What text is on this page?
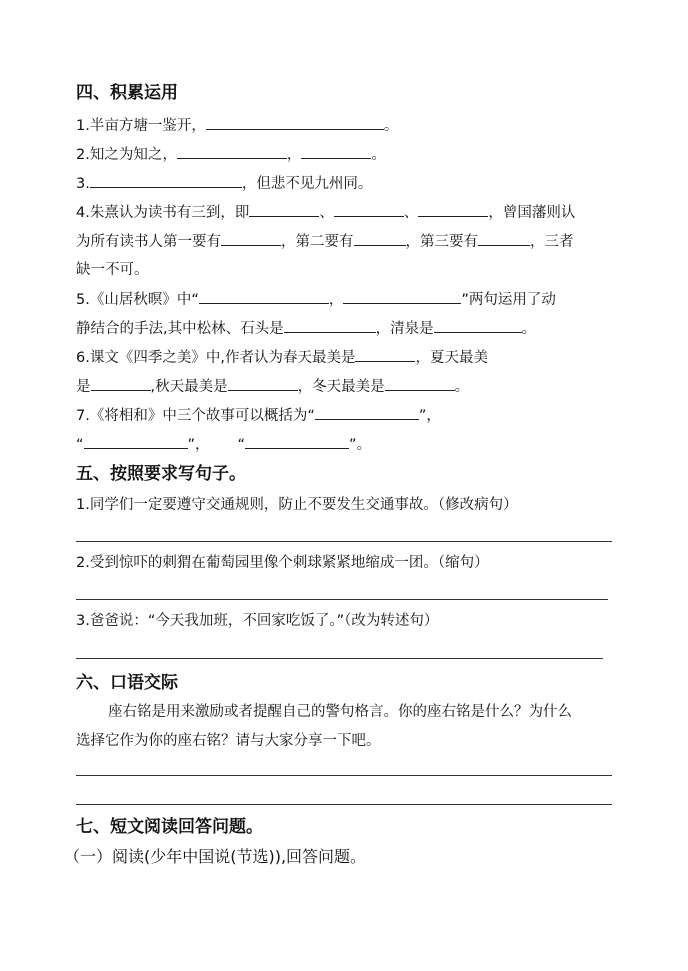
四、积累运用
1.半亩方塘一鉴开，	。
2.知之为知之，	，	。
3.	，但悲不见九州同。
4.朱熹认为读书有三到，即	、	、	，曾国藩则认
为所有读书人第一要有	，第二要有	，第三要有	，三者
缺一不可。
5.《山居秋暝》中“	，	”两句运用了动
静结合的手法,其中松林、石头是	，清泉是	。
6.课文《四季之美》中,作者认为春天最美是	，夏天最美
是	,秋天最美是	，冬天最美是	。
7.《将相和》中三个故事可以概括为“	”，
“	”， “	”。
五、按照要求写句子。
1.同学们一定要遵守交通规则，防止不要发生交通事故。（修改病句）
2.受到惊吓的刺猬在葡萄园里像个刺球紧紧地缩成一团。（缩句）
3.爸爸说：“今天我加班，不回家吃饭了。”（改为转述句）
六、口语交际
座右铭是用来激励或者提醒自己的警句格言。你的座右铭是什么？为什么
选择它作为你的座右铭？请与大家分享一下吧。
七、短文阅读回答问题。
（一）阅读(少年中国说(节选)),回答问题。
